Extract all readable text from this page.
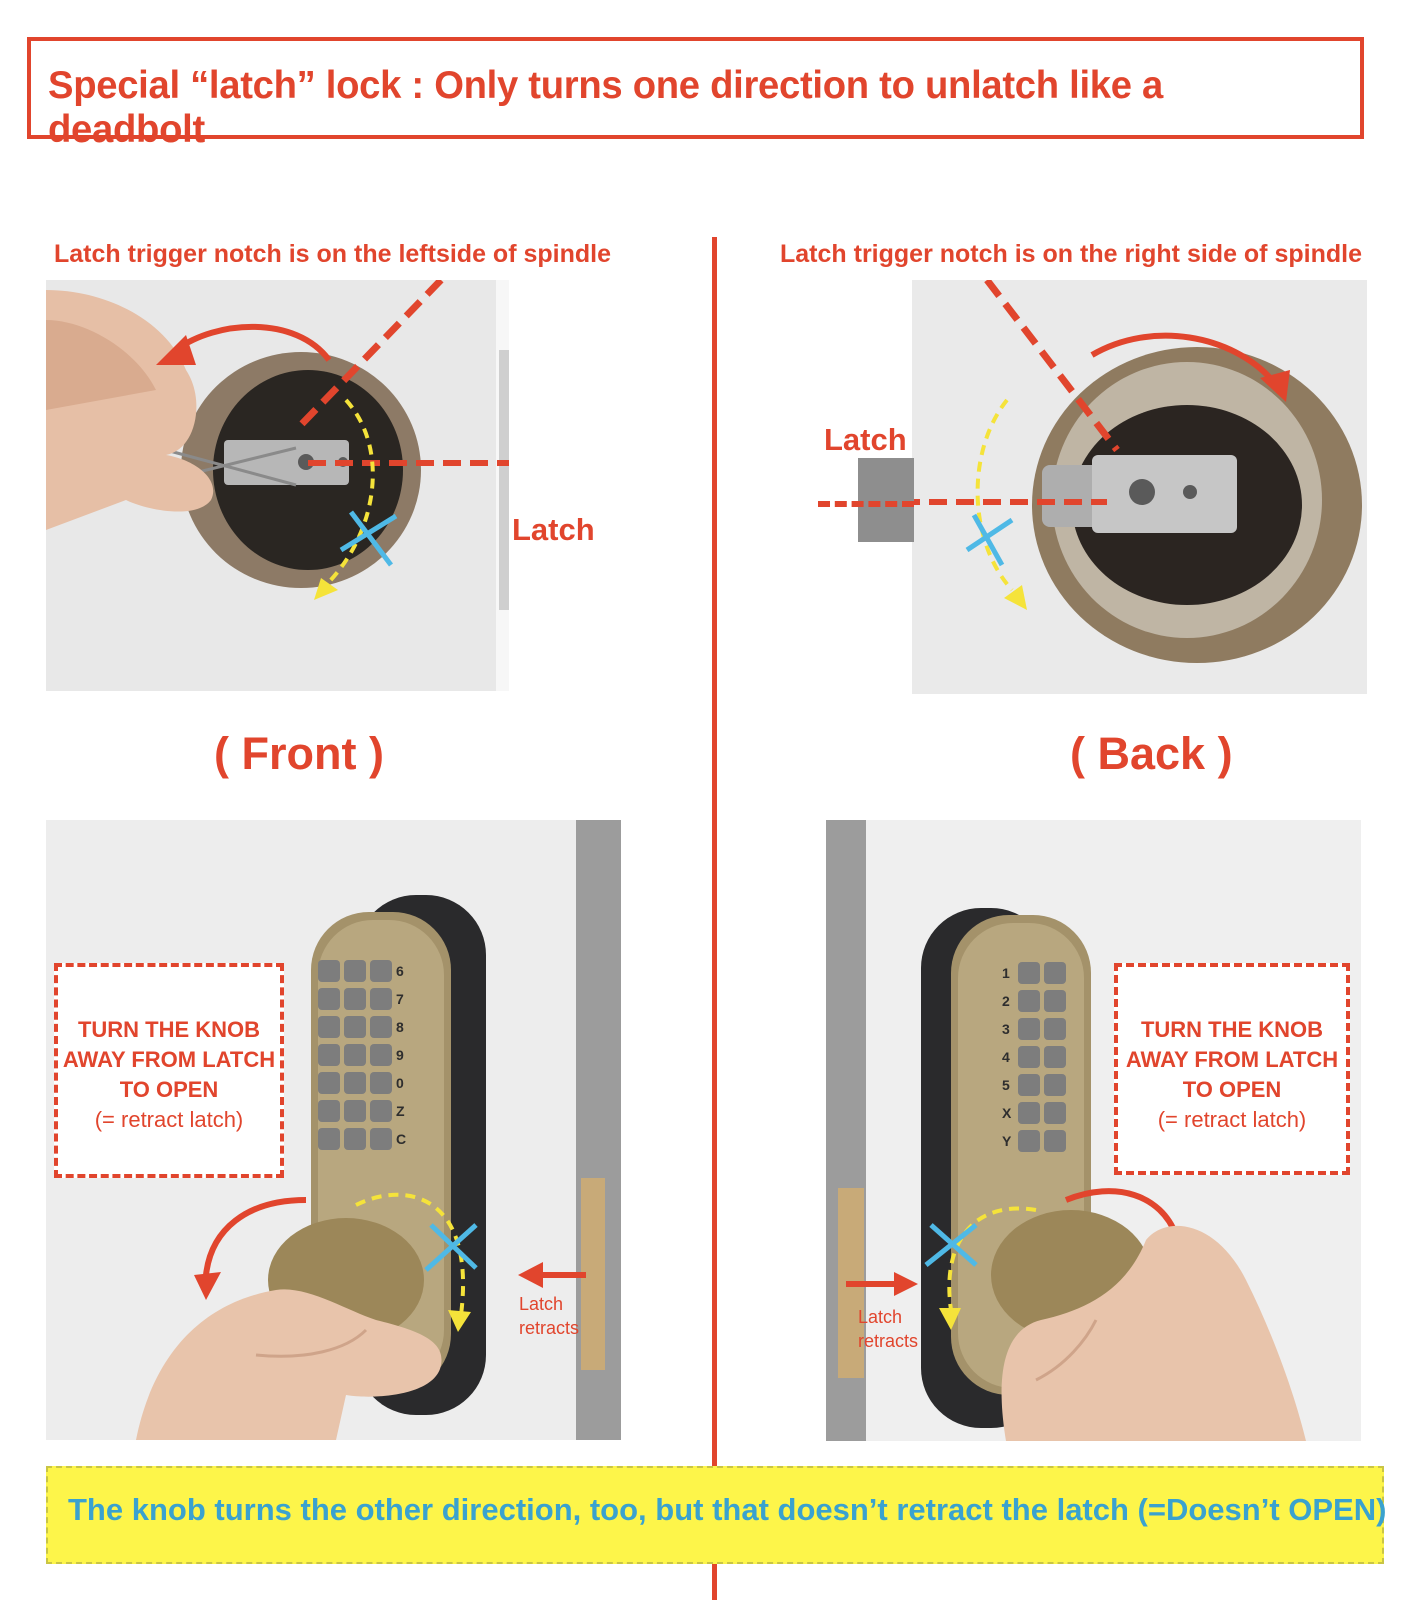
Special “latch” lock : Only turns one direction to unlatch like a deadbolt
Latch trigger notch is on the leftside of spindle	Latch trigger notch is on the right side of spindle
Latch
Latch
( Front )	( Back )
6
7
8
9
0
Z
C
TURN THE KNOB
AWAY FROM LATCH
TO OPEN
(= retract latch)
Latch
retracts
1
2
3
4
5
X
Y
TURN THE KNOB
AWAY FROM LATCH
TO OPEN
(= retract latch)
Latch
retracts
The knob turns the other direction, too, but that doesn’t retract the latch (=Doesn’t OPEN)
